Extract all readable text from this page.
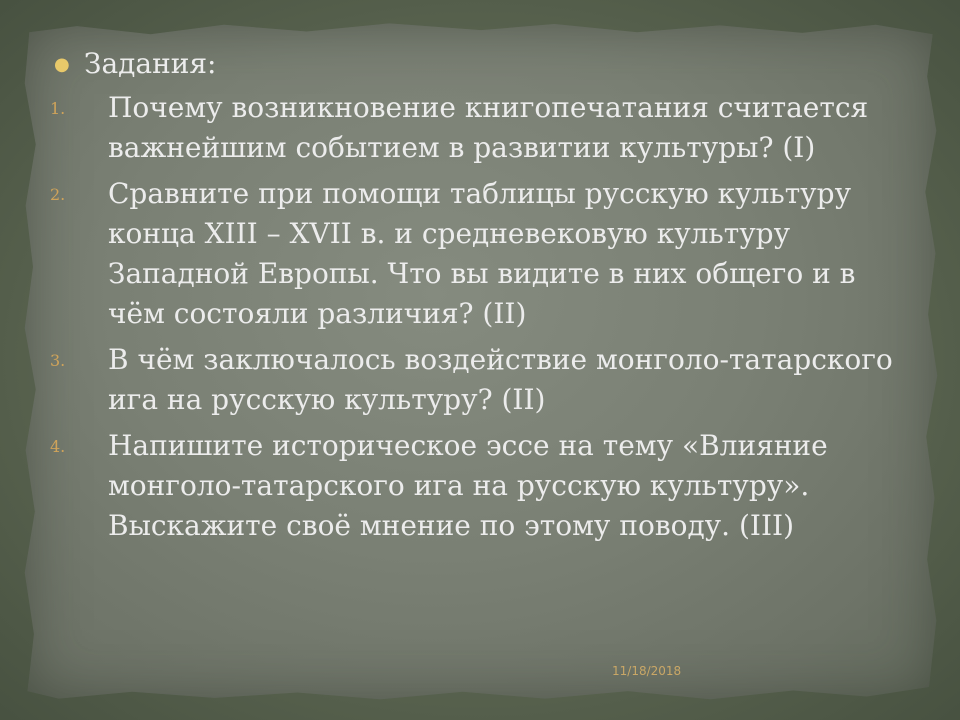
● Задания:
1.	Почему возникновение книгопечатания считается важнейшим событием в развитии культуры? (I)
2.	Сравните при помощи таблицы русскую культуру конца XIII – XVII в. и средневековую культуру Западной Европы. Что вы видите в них общего и в чём состояли различия? (II)
3.	В чём заключалось воздействие монголо-татарского ига на русскую культуру? (II)
4.	Напишите историческое эссе на тему «Влияние монголо-татарского ига на русскую культуру». Выскажите своё мнение по этому поводу. (III)
11/18/2018
